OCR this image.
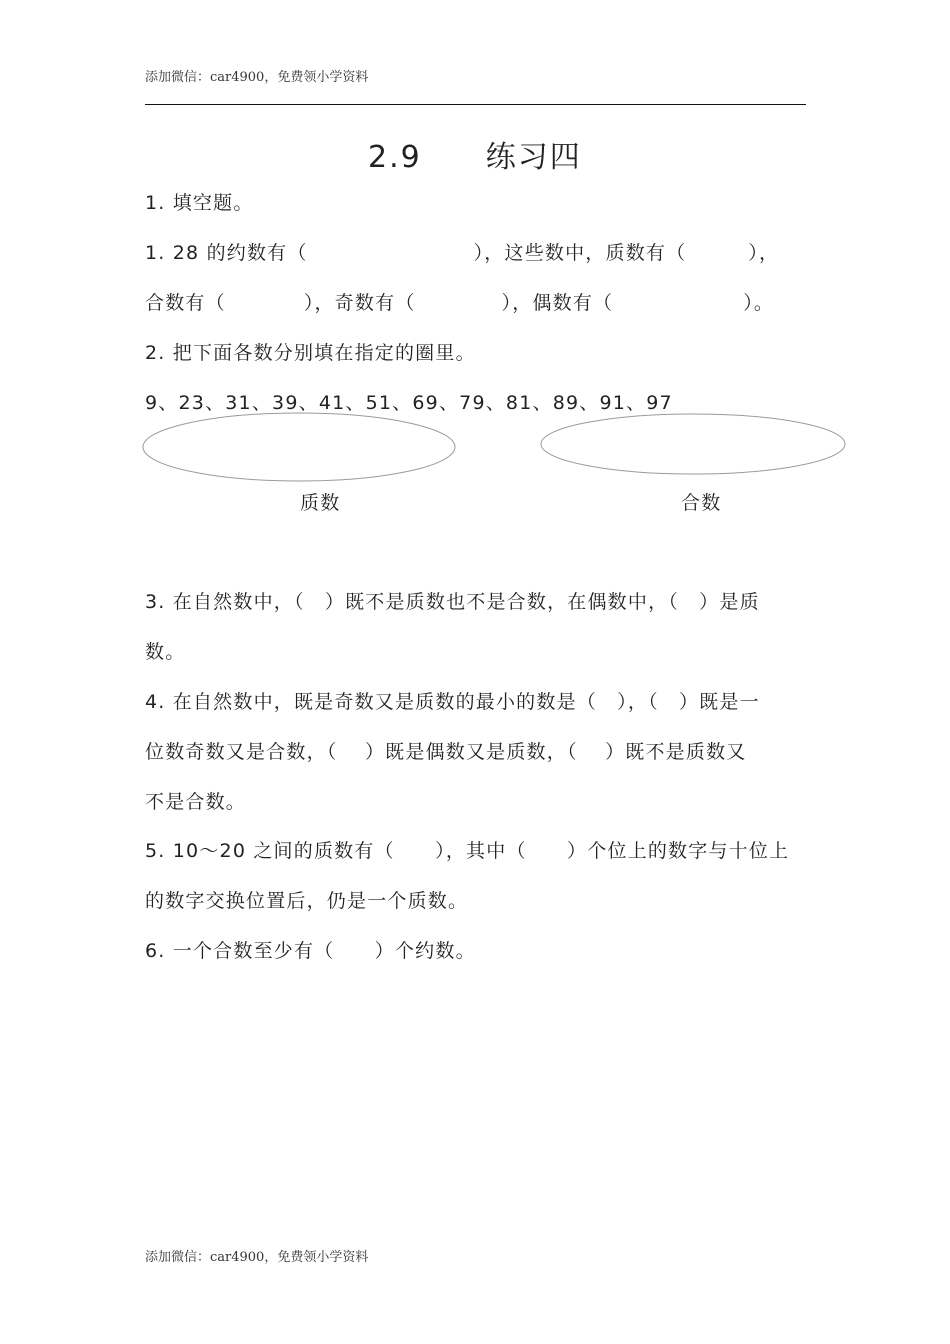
添加微信：car4900，免费领小学资料
2.9　　练习四
1. 填空题。
1. 28 的约数有（	），这些数中，质数有（	），
合数有（	），奇数有（	），偶数有（	）。
2. 把下面各数分别填在指定的圈里。
9、23、31、39、41、51、69、79、81、89、91、97
质数	合数
3. 在自然数中，（　）既不是质数也不是合数，在偶数中，（　）是质
数。
4. 在自然数中，既是奇数又是质数的最小的数是（　），（　）既是一
位数奇数又是合数，（　 ）既是偶数又是质数，（　 ）既不是质数又
不是合数。
5. 10～20 之间的质数有（　　），其中（　　）个位上的数字与十位上
的数字交换位置后，仍是一个质数。
6. 一个合数至少有（　　）个约数。
添加微信：car4900，免费领小学资料
